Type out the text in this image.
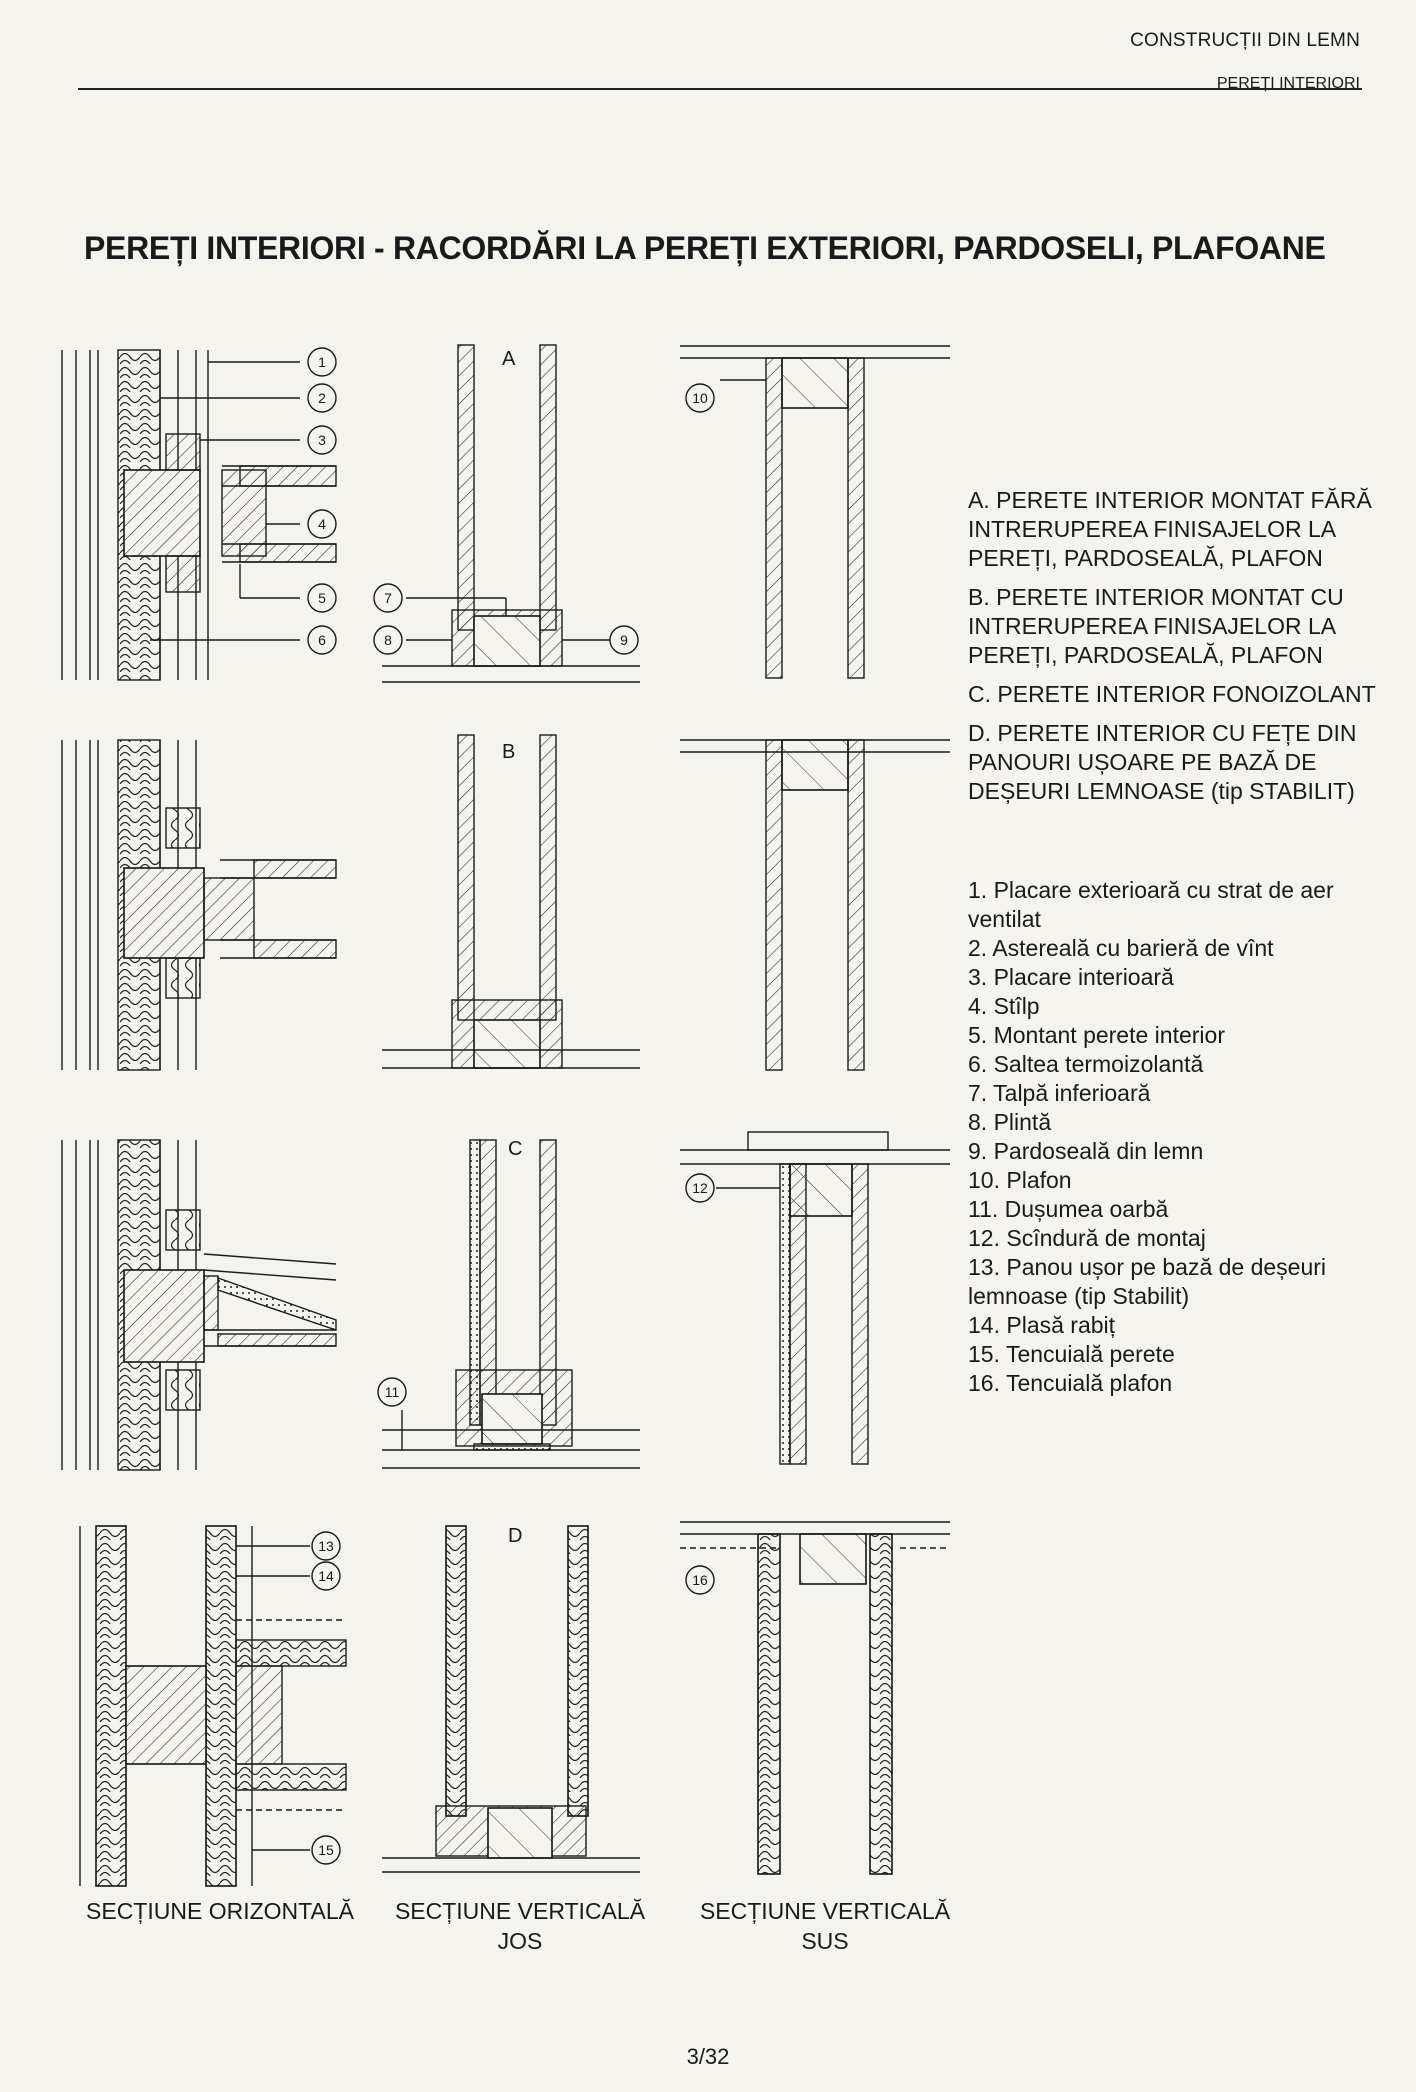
CONSTRUCȚII DIN LEMN
PEREȚI INTERIORI
PEREȚI INTERIORI - RACORDĂRI LA PEREȚI EXTERIORI, PARDOSELI, PLAFOANE
1
2
3
4
5
6
7
8	9
10
11
12
13
14
15
16
A
B
C
D

A. PERETE INTERIOR MONTAT FĂRĂ INTRERUPEREA FINISAJELOR LA PEREȚI, PARDOSEALĂ, PLAFON

B. PERETE INTERIOR MONTAT CU INTRERUPEREA FINISAJELOR LA PEREȚI, PARDOSEALĂ, PLAFON

C. PERETE INTERIOR FONOIZOLANT

D. PERETE INTERIOR CU FEȚE DIN PANOURI UȘOARE PE BAZĂ DE DEȘEURI LEMNOASE (tip STABILIT)

1. Placare exterioară cu strat de aer ventilat

2. Astereală cu barieră de vînt

3. Placare interioară

4. Stîlp

5. Montant perete interior

6. Saltea termoizolantă

7. Talpă inferioară

8. Plintă

9. Pardoseală din lemn

10. Plafon

11. Dușumea oarbă

12. Scîndură de montaj

13. Panou ușor pe bază de deșeuri lemnoase (tip Stabilit)

14. Plasă rabiț

15. Tencuială perete

16. Tencuială plafon

SECȚIUNE ORIZONTALĂ	SECȚIUNE VERTICALĂ JOS
SECȚIUNE VERTICALĂ SUS
3/32
